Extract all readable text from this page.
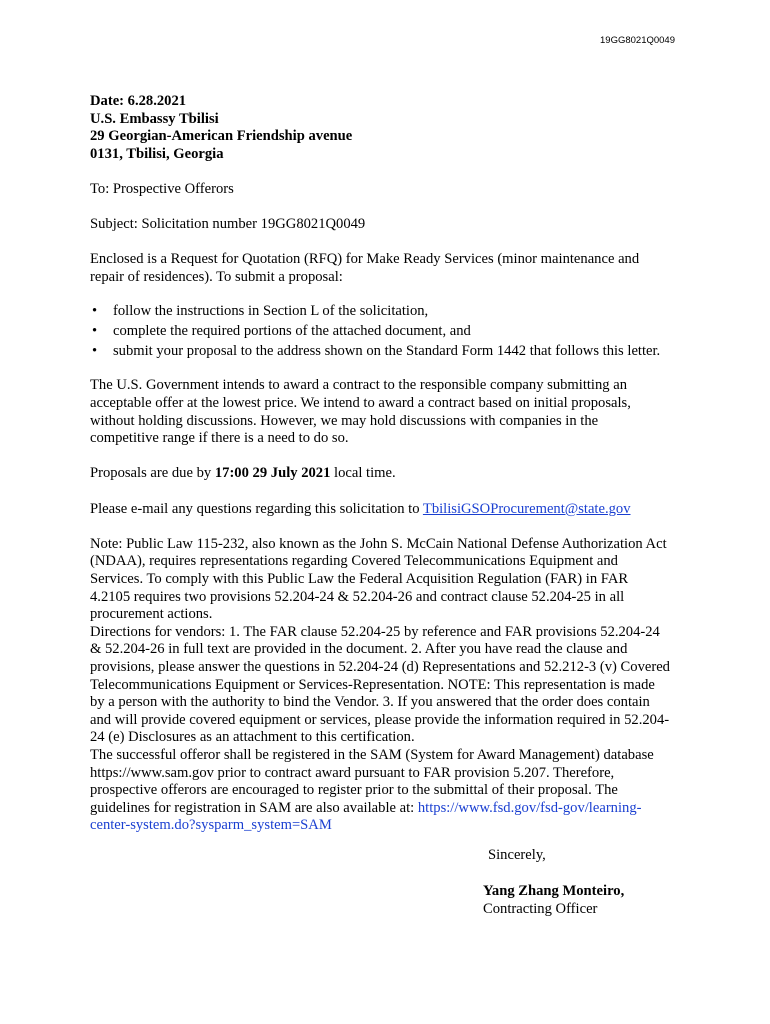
19GG8021Q0049
Date: 6.28.2021
U.S. Embassy Tbilisi
29 Georgian-American Friendship avenue
0131, Tbilisi, Georgia

To: Prospective Offerors

Subject: Solicitation number 19GG8021Q0049

Enclosed is a Request for Quotation (RFQ) for Make Ready Services (minor maintenance and
repair of residences). To submit a proposal:

• follow the instructions in Section L of the solicitation,
• complete the required portions of the attached document, and
• submit your proposal to the address shown on the Standard Form 1442 that follows this letter.

The U.S. Government intends to award a contract to the responsible company submitting an
acceptable offer at the lowest price. We intend to award a contract based on initial proposals,
without holding discussions. However, we may hold discussions with companies in the
competitive range if there is a need to do so.

Proposals are due by 17:00 29 July 2021 local time.

Please e-mail any questions regarding this solicitation to TbilisiGSOProcurement@state.gov

Note: Public Law 115-232, also known as the John S. McCain National Defense Authorization Act
(NDAA), requires representations regarding Covered Telecommunications Equipment and
Services. To comply with this Public Law the Federal Acquisition Regulation (FAR) in FAR
4.2105 requires two provisions 52.204-24 & 52.204-26 and contract clause 52.204-25 in all
procurement actions.
Directions for vendors: 1. The FAR clause 52.204-25 by reference and FAR provisions 52.204-24
& 52.204-26 in full text are provided in the document. 2. After you have read the clause and
provisions, please answer the questions in 52.204-24 (d) Representations and 52.212-3 (v) Covered
Telecommunications Equipment or Services-Representation. NOTE: This representation is made
by a person with the authority to bind the Vendor. 3. If you answered that the order does contain
and will provide covered equipment or services, please provide the information required in 52.204-
24 (e) Disclosures as an attachment to this certification.
The successful offeror shall be registered in the SAM (System for Award Management) database
https://www.sam.gov prior to contract award pursuant to FAR provision 5.207. Therefore,
prospective offerors are encouraged to register prior to the submittal of their proposal. The
guidelines for registration in SAM are also available at: https://www.fsd.gov/fsd-gov/learning-
center-system.do?sysparm_system=SAM

Sincerely,
Yang Zhang Monteiro,
Contracting Officer
